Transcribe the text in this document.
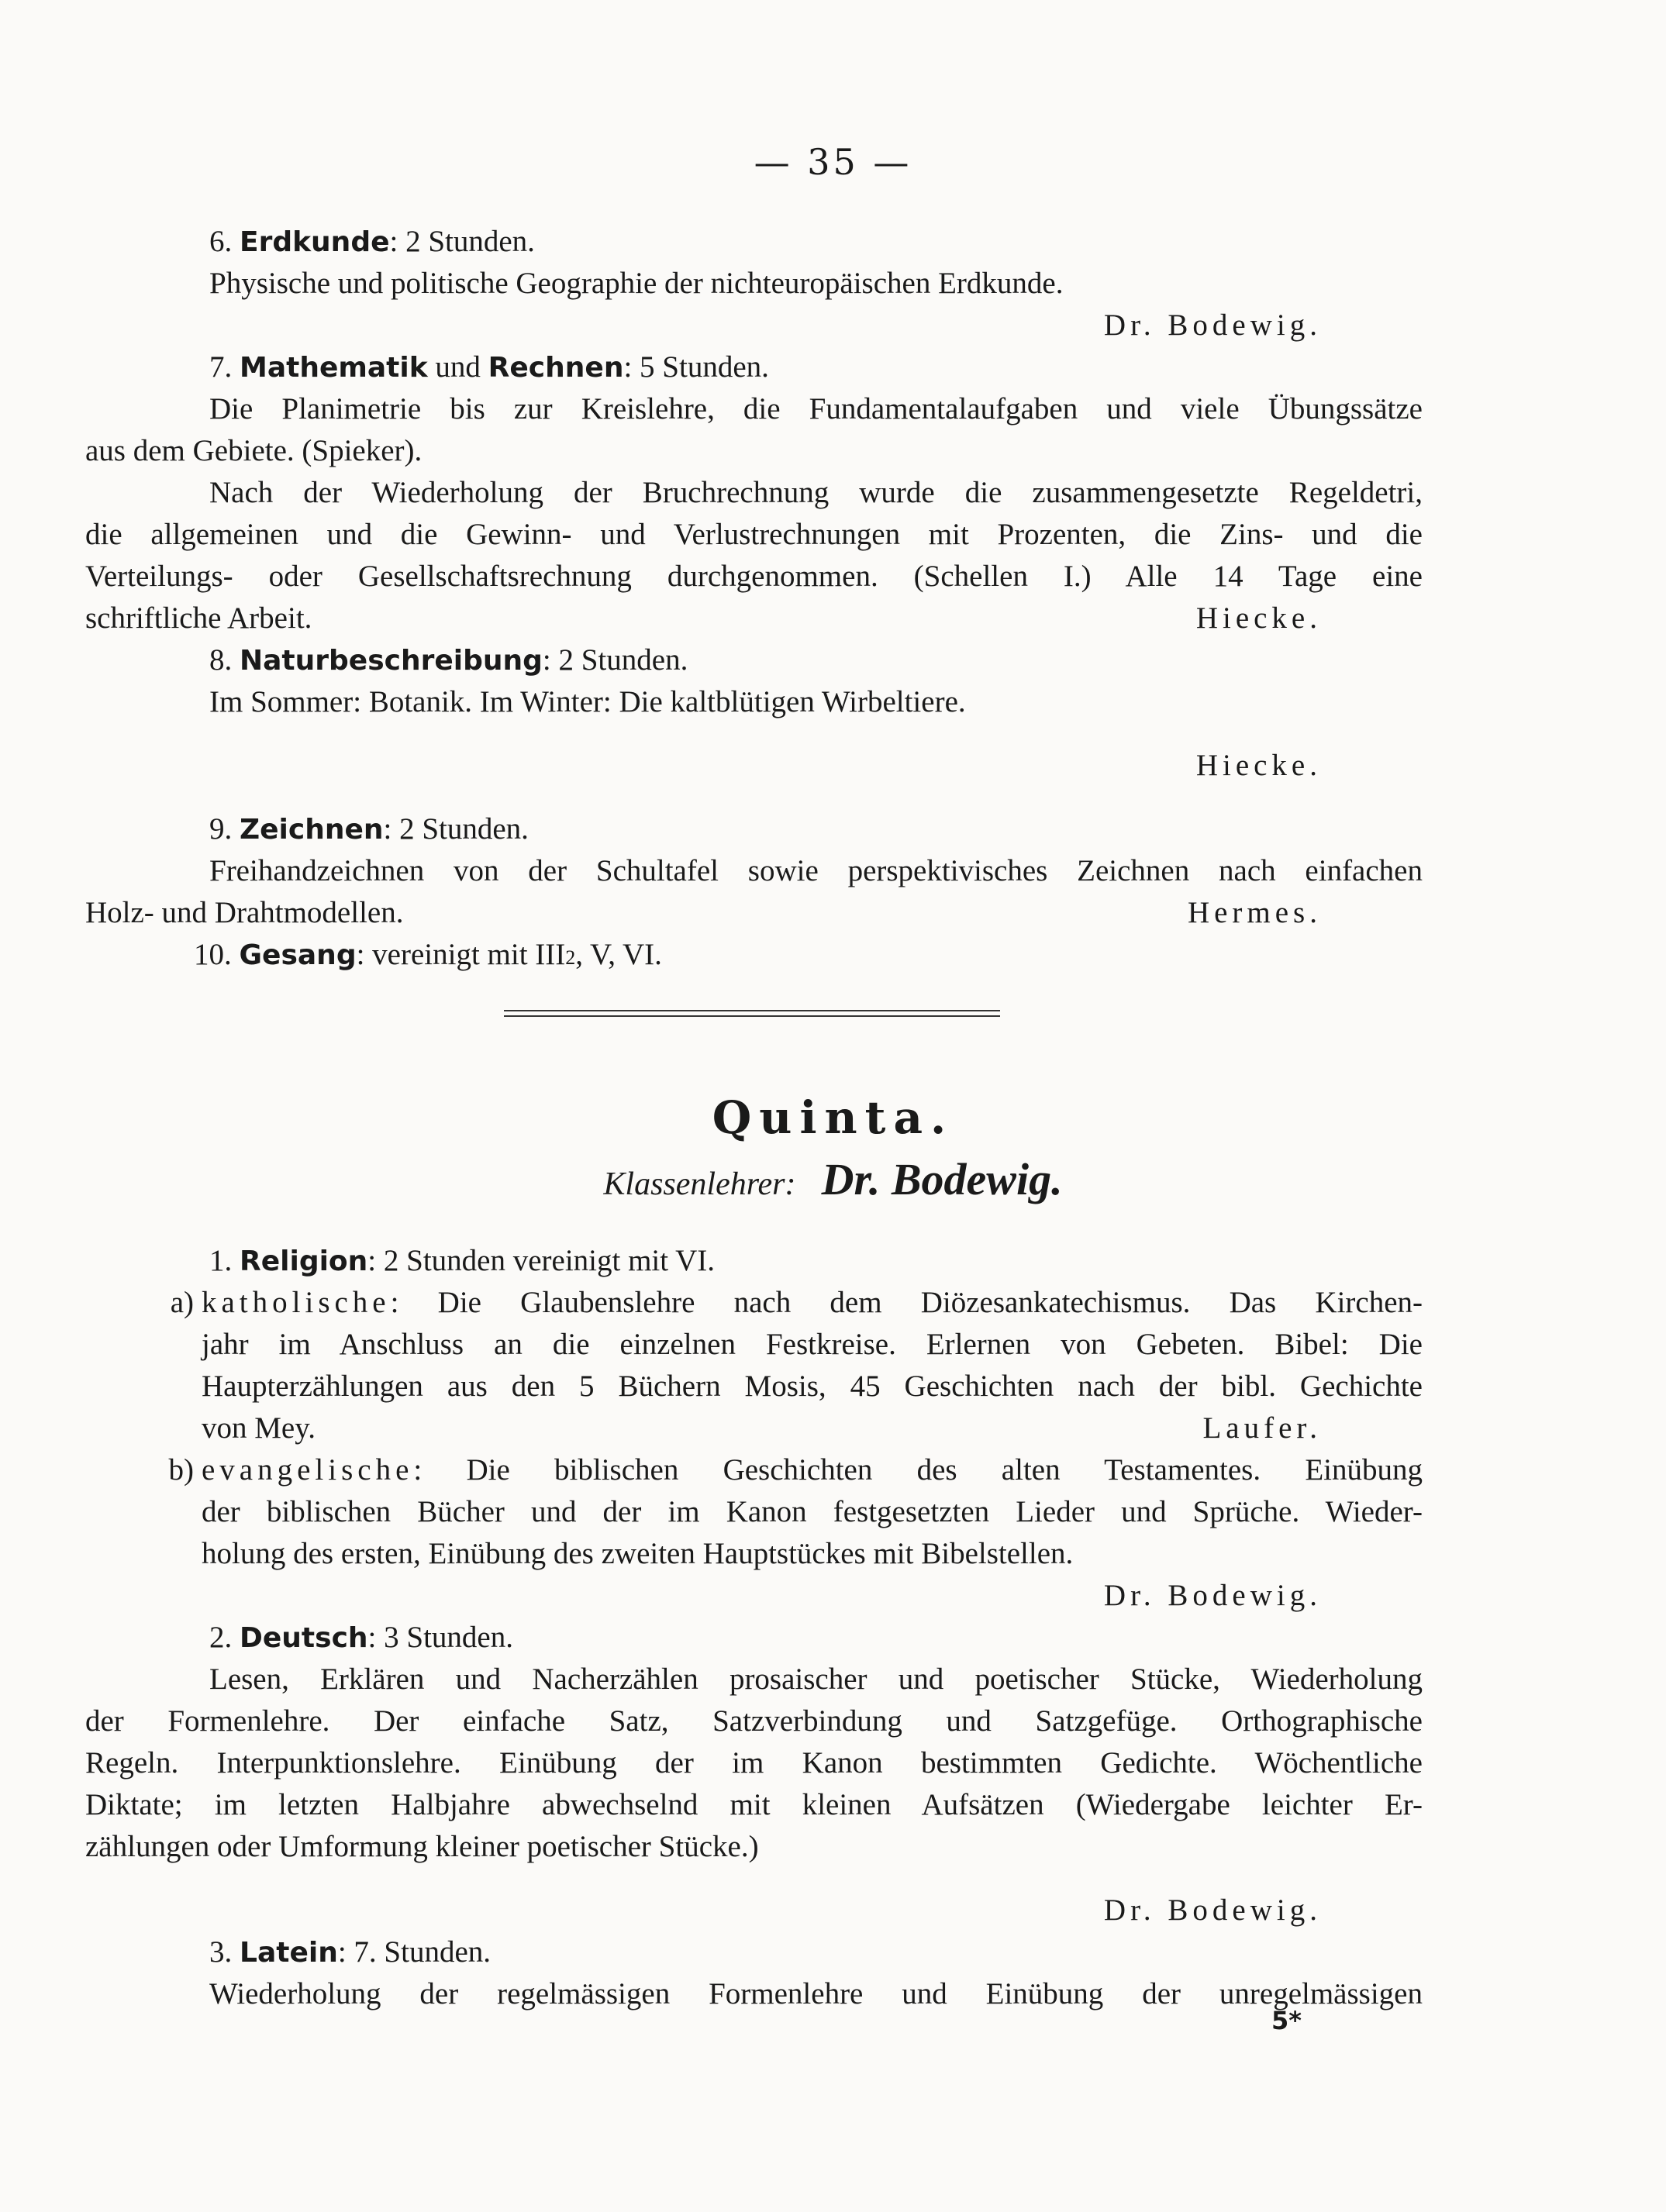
— 35 —
6. Erdkunde: 2 Stunden.
Physische und politische Geographie der nichteuropäischen Erdkunde.
Dr. Bodewig.
7. Mathematik und Rechnen: 5 Stunden.
Die Planimetrie bis zur Kreislehre, die Fundamentalaufgaben und viele Übungssätze
aus dem Gebiete. (Spieker).
Nach der Wiederholung der Bruchrechnung wurde die zusammengesetzte Regeldetri,
die allgemeinen und die Gewinn- und Verlustrechnungen mit Prozenten, die Zins- und die
Verteilungs- oder Gesellschaftsrechnung durchgenommen. (Schellen I.) Alle 14 Tage eine
schriftliche Arbeit.	Hiecke.
8. Naturbeschreibung: 2 Stunden.
Im Sommer: Botanik. Im Winter: Die kaltblütigen Wirbeltiere.
Hiecke.
9. Zeichnen: 2 Stunden.
Freihandzeichnen von der Schultafel sowie perspektivisches Zeichnen nach einfachen
Holz- und Drahtmodellen.	Hermes.
10. Gesang: vereinigt mit III2, V, VI.
Quinta.
Klassenlehrer: Dr. Bodewig.
1. Religion: 2 Stunden vereinigt mit VI.
a) katholische: Die Glaubenslehre nach dem Diözesankatechismus. Das Kirchen-
jahr im Anschluss an die einzelnen Festkreise. Erlernen von Gebeten. Bibel: Die
Haupterzählungen aus den 5 Büchern Mosis, 45 Geschichten nach der bibl. Gechichte
von Mey.	Laufer.
b) evangelische: Die biblischen Geschichten des alten Testamentes. Einübung
der biblischen Bücher und der im Kanon festgesetzten Lieder und Sprüche. Wieder-
holung des ersten, Einübung des zweiten Hauptstückes mit Bibelstellen.
Dr. Bodewig.
2. Deutsch: 3 Stunden.
Lesen, Erklären und Nacherzählen prosaischer und poetischer Stücke, Wiederholung
der Formenlehre. Der einfache Satz, Satzverbindung und Satzgefüge. Orthographische
Regeln. Interpunktionslehre. Einübung der im Kanon bestimmten Gedichte. Wöchentliche
Diktate; im letzten Halbjahre abwechselnd mit kleinen Aufsätzen (Wiedergabe leichter Er-
zählungen oder Umformung kleiner poetischer Stücke.)
Dr. Bodewig.
3. Latein: 7. Stunden.
Wiederholung der regelmässigen Formenlehre und Einübung der unregelmässigen
5*
